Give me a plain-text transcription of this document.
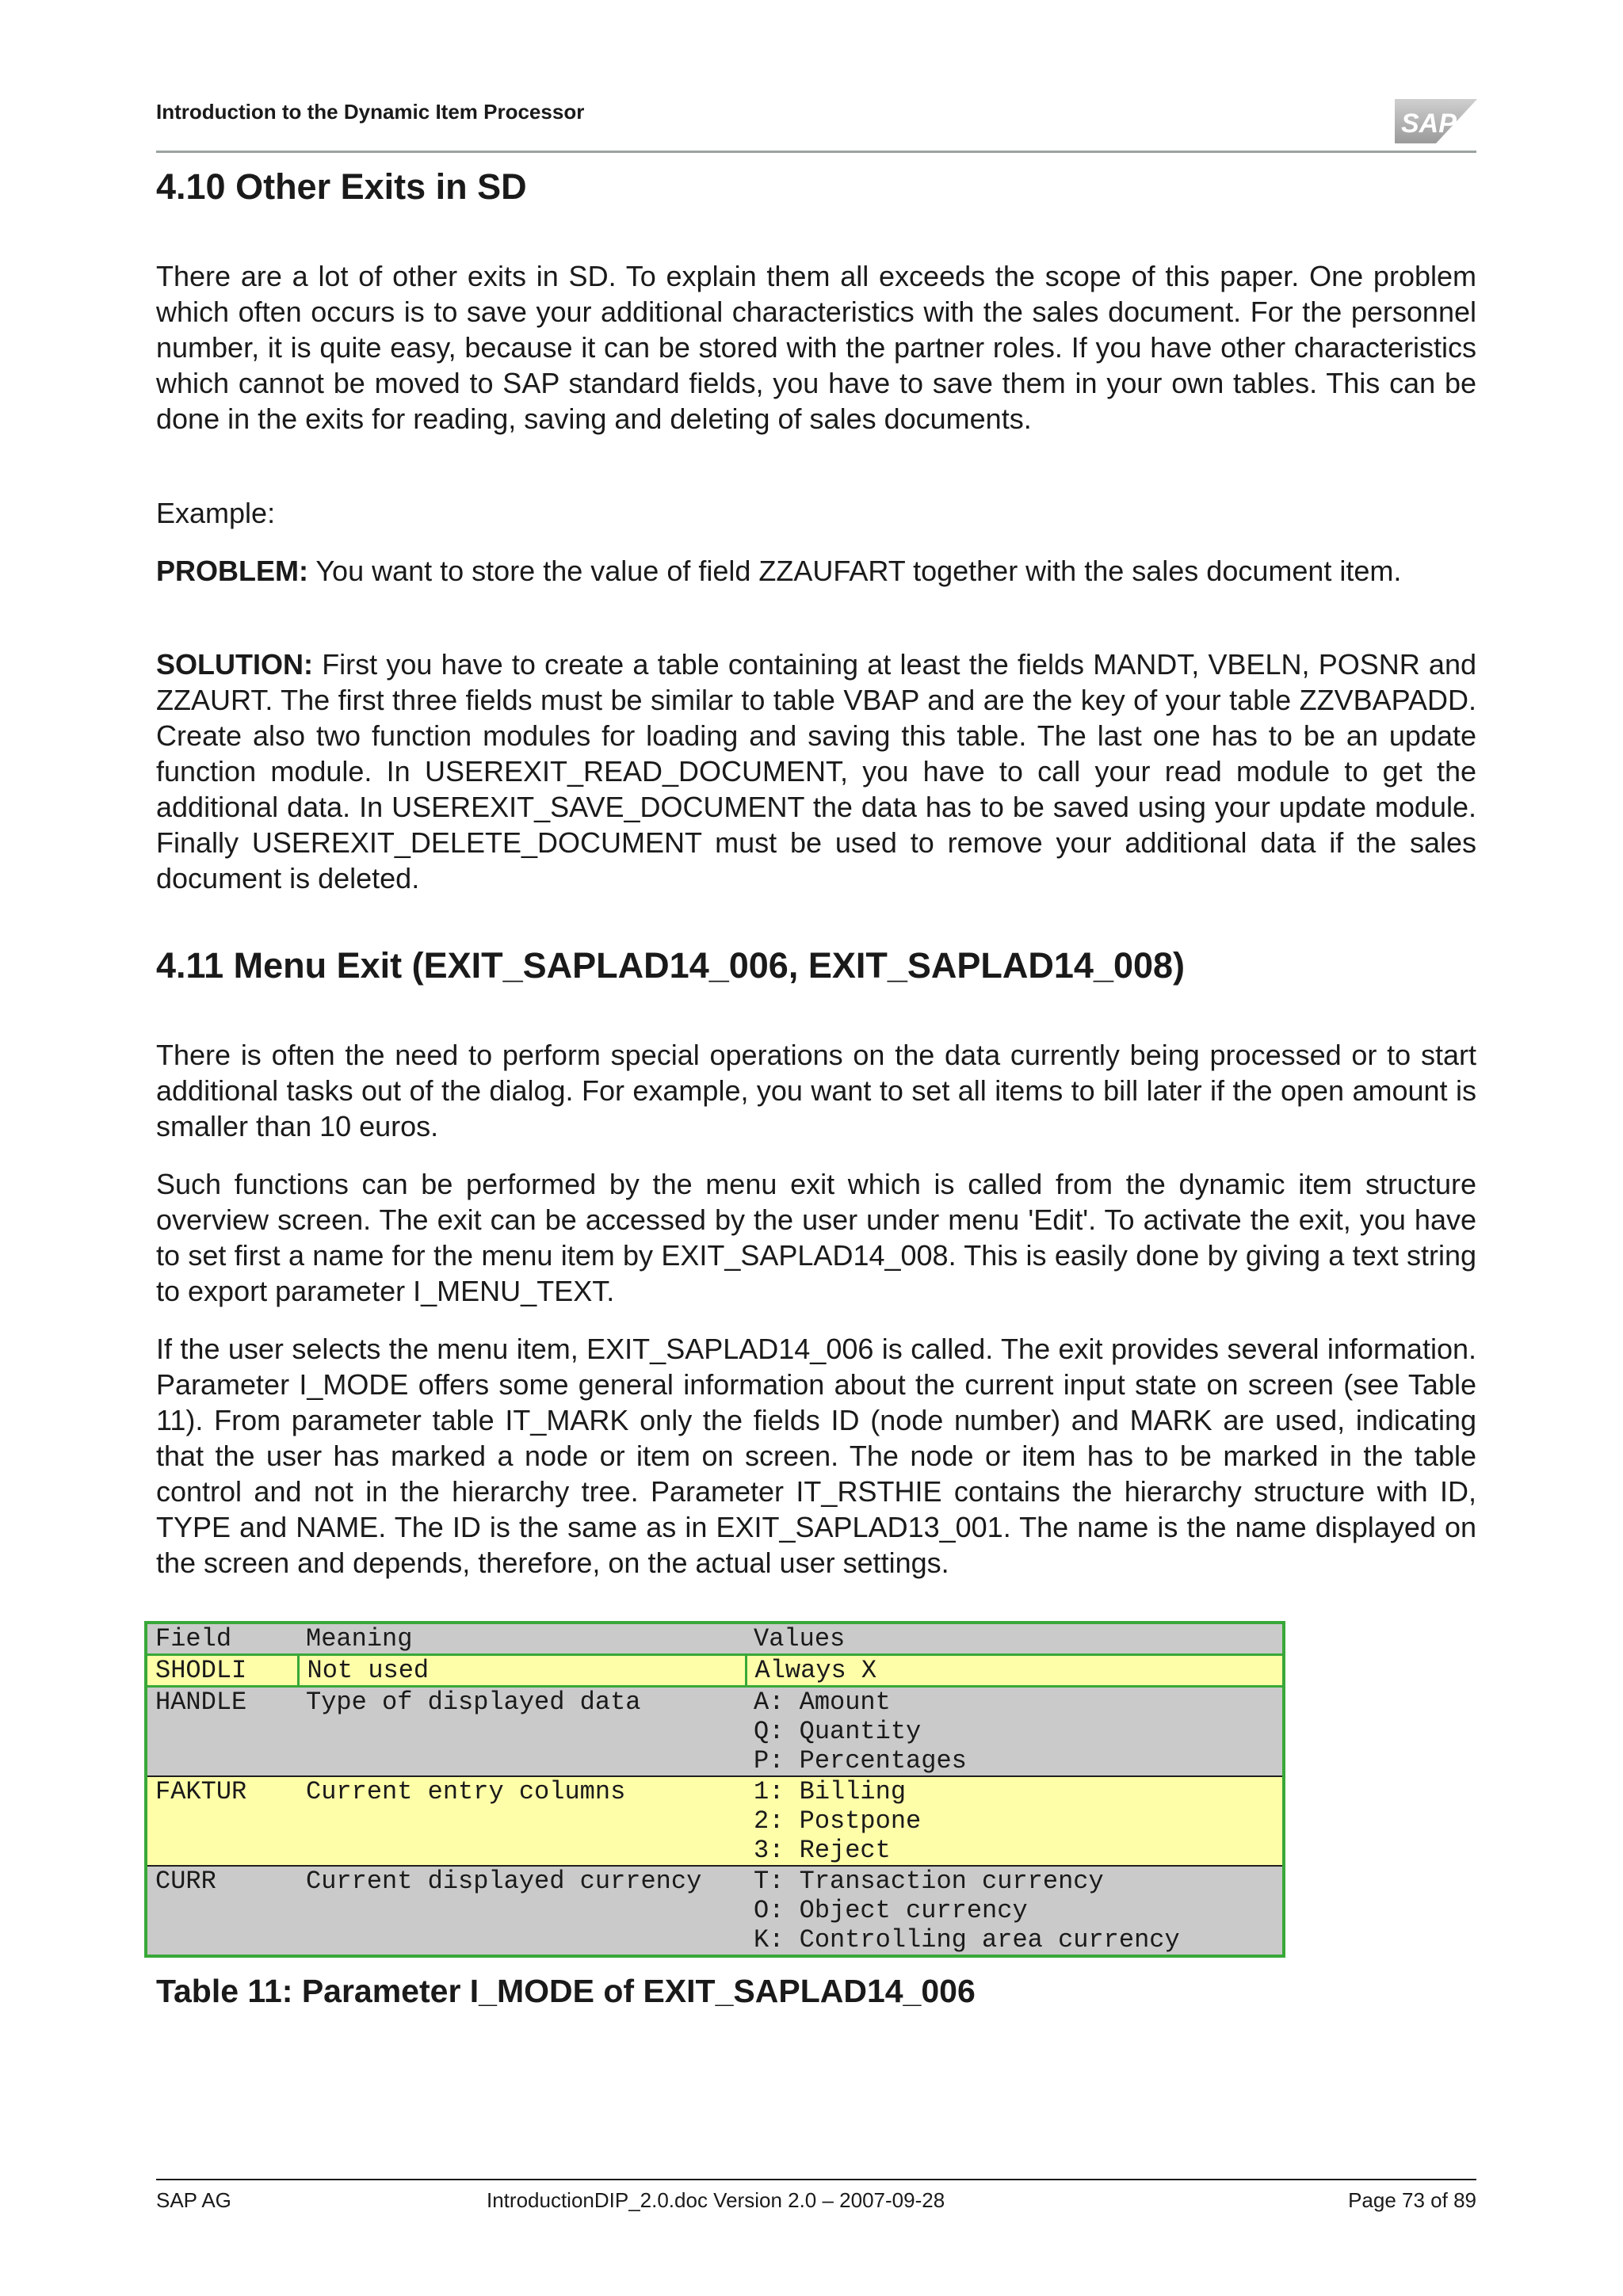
Introduction to the Dynamic Item Processor	SAP
4.10 Other Exits in SD
There are a lot of other exits in SD. To explain them all exceeds the scope of this paper. One problem which often occurs is to save your additional characteristics with the sales document. For the personnel number, it is quite easy, because it can be stored with the partner roles. If you have other characteristics which cannot be moved to SAP standard fields, you have to save them in your own tables. This can be done in the exits for reading, saving and deleting of sales documents.
Example:
PROBLEM: You want to store the value of field ZZAUFART together with the sales document item.
SOLUTION: First you have to create a table containing at least the fields MANDT, VBELN, POSNR and ZZAURT. The first three fields must be similar to table VBAP and are the key of your table ZZVBAPADD. Create also two function modules for loading and saving this table. The last one has to be an update function module. In USEREXIT_READ_DOCUMENT, you have to call your read module to get the additional data. In USEREXIT_SAVE_DOCUMENT the data has to be saved using your update module. Finally USEREXIT_DELETE_DOCUMENT must be used to remove your additional data if the sales document is deleted.
4.11 Menu Exit (EXIT_SAPLAD14_006, EXIT_SAPLAD14_008)
There is often the need to perform special operations on the data currently being processed or to start additional tasks out of the dialog. For example, you want to set all items to bill later if the open amount is smaller than 10 euros.
Such functions can be performed by the menu exit which is called from the dynamic item structure overview screen. The exit can be accessed by the user under menu 'Edit'. To activate the exit, you have to set first a name for the menu item by EXIT_SAPLAD14_008. This is easily done by giving a text string to export parameter I_MENU_TEXT.
If the user selects the menu item, EXIT_SAPLAD14_006 is called. The exit provides several information. Parameter I_MODE offers some general information about the current input state on screen (see Table 11). From parameter table IT_MARK only the fields ID (node number) and MARK are used, indicating that the user has marked a node or item on screen. The node or item has to be marked in the table control and not in the hierarchy tree. Parameter IT_RSTHIE contains the hierarchy structure with ID, TYPE and NAME. The ID is the same as in EXIT_SAPLAD13_001. The name is the name displayed on the screen and depends, therefore, on the actual user settings.
Field	Meaning	Values
SHODLI	Not used	Always X
HANDLE	Type of displayed data	A: Amount
Q: Quantity
P: Percentages
FAKTUR	Current entry columns	1: Billing
2: Postpone
3: Reject
CURR	Current displayed currency	T: Transaction currency
O: Object currency
K: Controlling area currency
Table 11: Parameter I_MODE of EXIT_SAPLAD14_006
SAP AG	IntroductionDIP_2.0.doc Version 2.0 – 2007-09-28	Page 73 of 89
